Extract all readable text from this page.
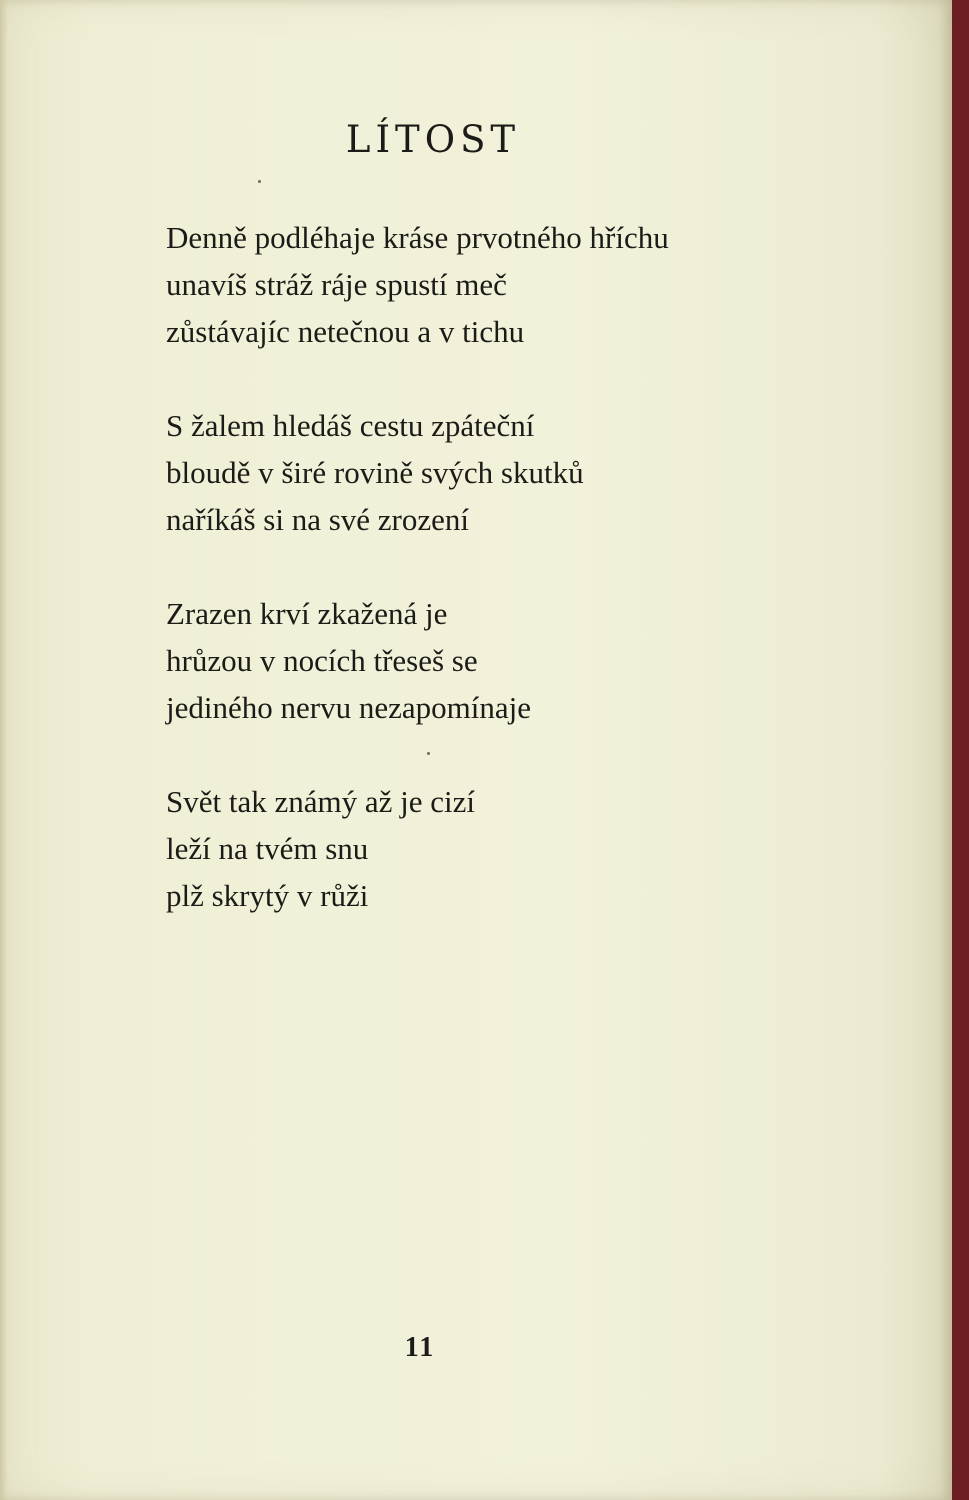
LÍTOST
Denně podléhaje kráse prvotného hříchu
unavíš stráž ráje spustí meč
zůstávajíc netečnou a v tichu
S žalem hledáš cestu zpáteční
bloudě v širé rovině svých skutků
naříkáš si na své zrození
Zrazen krví zkažená je
hrůzou v nocích třeseš se
jediného nervu nezapomínaje
Svět tak známý až je cizí
leží na tvém snu
plž skrytý v růži
11
